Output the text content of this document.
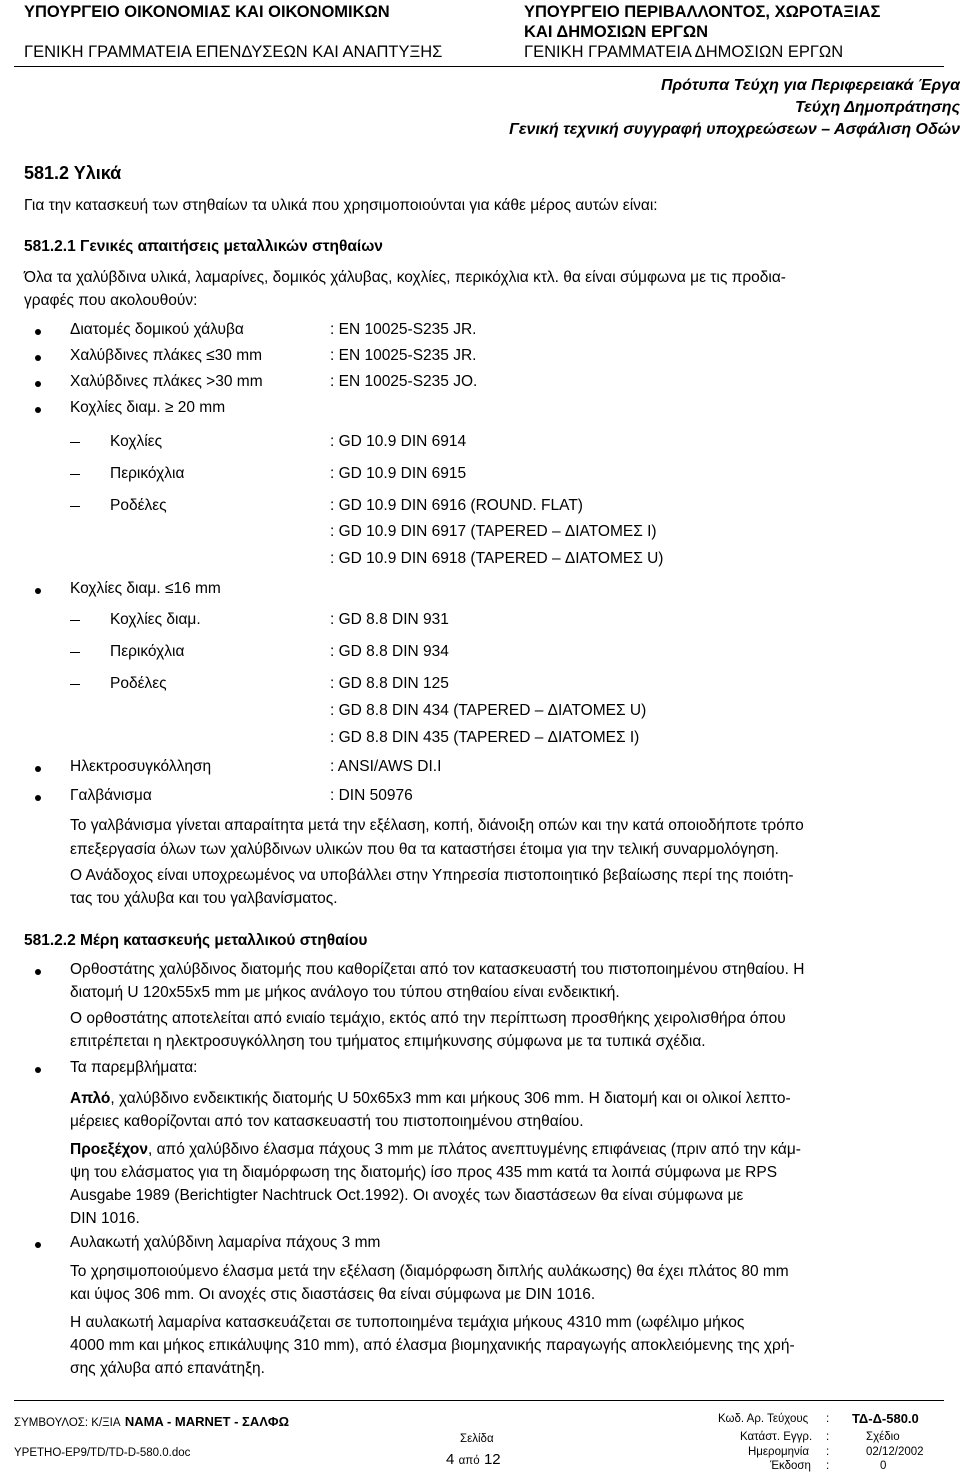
ΥΠΟΥΡΓΕΙΟ ΟΙΚΟΝΟΜΙΑΣ ΚΑΙ ΟΙΚΟΝΟΜΙΚΩΝ
ΓΕΝΙΚΗ ΓΡΑΜΜΑΤΕΙΑ ΕΠΕΝΔΥΣΕΩΝ ΚΑΙ ΑΝΑΠΤΥΞΗΣ
ΥΠΟΥΡΓΕΙΟ ΠΕΡΙΒΑΛΛΟΝΤΟΣ, ΧΩΡΟΤΑΞΙΑΣ
ΚΑΙ ΔΗΜΟΣΙΩΝ ΕΡΓΩΝ
ΓΕΝΙΚΗ ΓΡΑΜΜΑΤΕΙΑ ΔΗΜΟΣΙΩΝ ΕΡΓΩΝ
Πρότυπα Τεύχη για Περιφερειακά Έργα
Τεύχη Δημοπράτησης
Γενική τεχνική συγγραφή υποχρεώσεων – Ασφάλιση Οδών
581.2 Υλικά
Για την κατασκευή των στηθαίων τα υλικά που χρησιμοποιούνται για κάθε μέρος αυτών είναι:
581.2.1 Γενικές απαιτήσεις μεταλλικών στηθαίων
Όλα τα χαλύβδινα υλικά, λαμαρίνες, δομικός χάλυβας, κοχλίες, περικόχλια κτλ. θα είναι σύμφωνα με τις προδια-
γραφές που ακολουθούν:
Διατομές δομικού χάλυβα	: EN 10025-S235 JR.
Χαλύβδινες πλάκες ≤30 mm	: EN 10025-S235 JR.
Χαλύβδινες πλάκες >30 mm	: EN 10025-S235 JO.
Κοχλίες διαμ. ≥ 20 mm
Κοχλίες	: GD 10.9 DIN 6914
Περικόχλια	: GD 10.9 DIN 6915
Ροδέλες	: GD 10.9 DIN 6916 (ROUND. FLAT)
: GD 10.9 DIN 6917 (TAPERED – ΔΙΑΤΟΜΕΣ I)
: GD 10.9 DIN 6918 (TAPERED – ΔΙΑΤΟΜΕΣ U)
Κοχλίες διαμ. ≤16 mm
Κοχλίες διαμ.	: GD 8.8 DIN 931
Περικόχλια	: GD 8.8 DIN 934
Ροδέλες	: GD 8.8 DIN 125
: GD 8.8 DIN 434 (TAPERED – ΔΙΑΤΟΜΕΣ U)
: GD 8.8 DIN 435 (TAPERED – ΔΙΑΤΟΜΕΣ I)
Ηλεκτροσυγκόλληση	: ANSI/AWS DI.I
Γαλβάνισμα	: DIN 50976
Το γαλβάνισμα γίνεται απαραίτητα μετά την εξέλαση, κοπή, διάνοιξη οπών και την κατά οποιοδήποτε τρόπο
επεξεργασία όλων των χαλύβδινων υλικών που θα τα καταστήσει έτοιμα για την τελική συναρμολόγηση.
Ο Ανάδοχος είναι υποχρεωμένος να υποβάλλει στην Υπηρεσία πιστοποιητικό βεβαίωσης περί της ποιότη-
τας του χάλυβα και του γαλβανίσματος.
581.2.2 Μέρη κατασκευής μεταλλικού στηθαίου
Ορθοστάτης χαλύβδινος διατομής που καθορίζεται από τον κατασκευαστή του πιστοποιημένου στηθαίου. Η
διατομή U 120x55x5 mm με μήκος ανάλογο του τύπου στηθαίου είναι ενδεικτική.
Ο ορθοστάτης αποτελείται από ενιαίο τεμάχιο, εκτός από την περίπτωση προσθήκης χειρολισθήρα όπου
επιτρέπεται η ηλεκτροσυγκόλληση του τμήματος επιμήκυνσης σύμφωνα με τα τυπικά σχέδια.
Τα παρεμβλήματα:
Απλό, χαλύβδινο ενδεικτικής διατομής U 50x65x3 mm και μήκους 306 mm. Η διατομή και οι ολικοί λεπτο-
μέρειες καθορίζονται από τον κατασκευαστή του πιστοποιημένου στηθαίου.
Προεξέχον, από χαλύβδινο έλασμα πάχους 3 mm με πλάτος ανεπτυγμένης επιφάνειας (πριν από την κάμ-
ψη του ελάσματος για τη διαμόρφωση της διατομής) ίσο προς 435 mm κατά τα λοιπά σύμφωνα με RPS
Ausgabe 1989 (Berichtigter Nachtruck Oct.1992). Οι ανοχές των διαστάσεων θα είναι σύμφωνα με
DIN 1016.
Αυλακωτή χαλύβδινη λαμαρίνα πάχους 3 mm
Το χρησιμοποιούμενο έλασμα μετά την εξέλαση (διαμόρφωση διπλής αυλάκωσης) θα έχει πλάτος 80 mm
και ύψος 306 mm. Οι ανοχές στις διαστάσεις θα είναι σύμφωνα με DIN 1016.
Η αυλακωτή λαμαρίνα κατασκευάζεται σε τυποποιημένα τεμάχια μήκους 4310 mm (ωφέλιμο μήκος
4000 mm και μήκος επικάλυψης 310 mm), από έλασμα βιομηχανικής παραγωγής αποκλειόμενης της χρή-
σης χάλυβα από επανάτηξη.
ΣΥΜΒΟΥΛΟΣ: Κ/ΞΙΑ NAMA - MARNET - ΣΑΛΦΩ
ΥΡΕΤΗΟ-ΕΡ9/ΤD/ΤD-D-580.0.doc
Σελίδα
4 από 12
Κωδ. Αρ. Τεύχους : ΤΔ-Δ-580.0
Κατάστ. Εγγρ. :	Σχέδιο
Ημερομηνία :	02/12/2002
Έκδοση :	0
